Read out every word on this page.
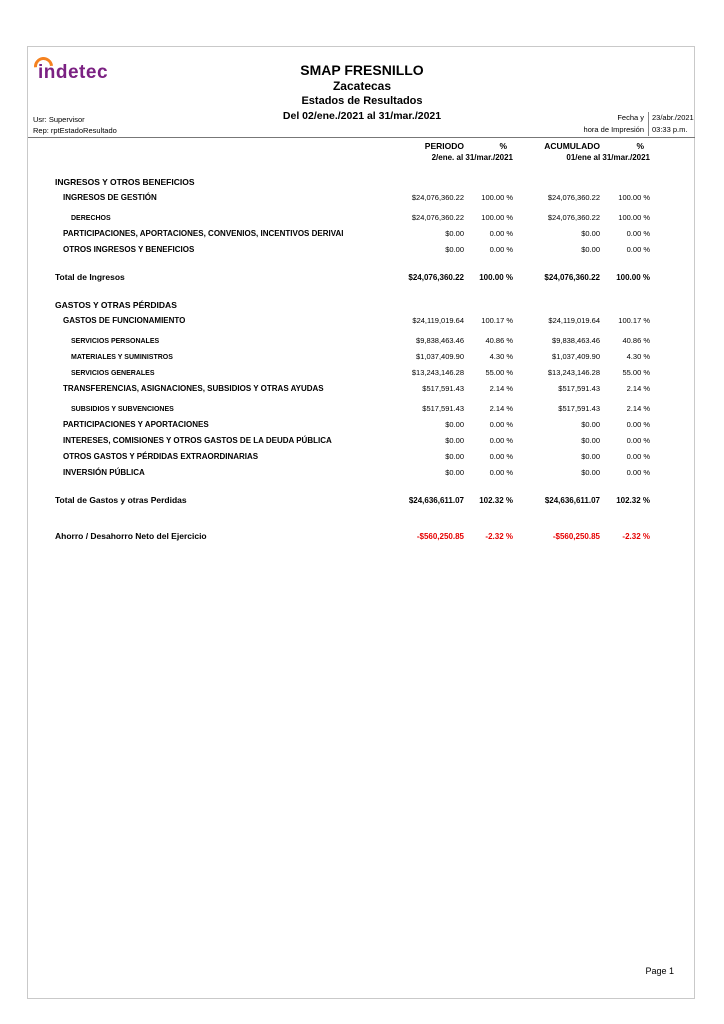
indetec	SMAP FRESNILLO
Zacatecas
Estados de Resultados
Del 02/ene./2021 al 31/mar./2021
Usr: Supervisor
Rep: rptEstadoResultado
Fecha y	23/abr./2021
hora de Impresión	03:33 p.m.
PERIODO	%	ACUMULADO	%
2/ene. al 31/mar./2021	01/ene al 31/mar./2021
INGRESOS Y OTROS BENEFICIOS
INGRESOS DE GESTIÓN	$24,076,360.22	100.00 %	$24,076,360.22	100.00 %
DERECHOS	$24,076,360.22	100.00 %	$24,076,360.22	100.00 %
PARTICIPACIONES, APORTACIONES, CONVENIOS, INCENTIVOS DERIVAI	$0.00	0.00 %	$0.00	0.00 %
OTROS INGRESOS Y BENEFICIOS	$0.00	0.00 %	$0.00	0.00 %
Total de Ingresos	$24,076,360.22	100.00 %	$24,076,360.22	100.00 %
GASTOS Y OTRAS PÉRDIDAS
GASTOS DE FUNCIONAMIENTO	$24,119,019.64	100.17 %	$24,119,019.64	100.17 %
SERVICIOS PERSONALES	$9,838,463.46	40.86 %	$9,838,463.46	40.86 %
MATERIALES Y SUMINISTROS	$1,037,409.90	4.30 %	$1,037,409.90	4.30 %
SERVICIOS GENERALES	$13,243,146.28	55.00 %	$13,243,146.28	55.00 %
TRANSFERENCIAS, ASIGNACIONES, SUBSIDIOS Y OTRAS AYUDAS	$517,591.43	2.14 %	$517,591.43	2.14 %
SUBSIDIOS Y SUBVENCIONES	$517,591.43	2.14 %	$517,591.43	2.14 %
PARTICIPACIONES Y APORTACIONES	$0.00	0.00 %	$0.00	0.00 %
INTERESES, COMISIONES Y OTROS GASTOS DE LA DEUDA PÚBLICA	$0.00	0.00 %	$0.00	0.00 %
OTROS GASTOS Y PÉRDIDAS EXTRAORDINARIAS	$0.00	0.00 %	$0.00	0.00 %
INVERSIÓN PÚBLICA	$0.00	0.00 %	$0.00	0.00 %
Total de Gastos y otras Perdidas	$24,636,611.07	102.32 %	$24,636,611.07	102.32 %
Ahorro / Desahorro Neto del Ejercicio	-$560,250.85	-2.32 %	-$560,250.85	-2.32 %
Page 1
